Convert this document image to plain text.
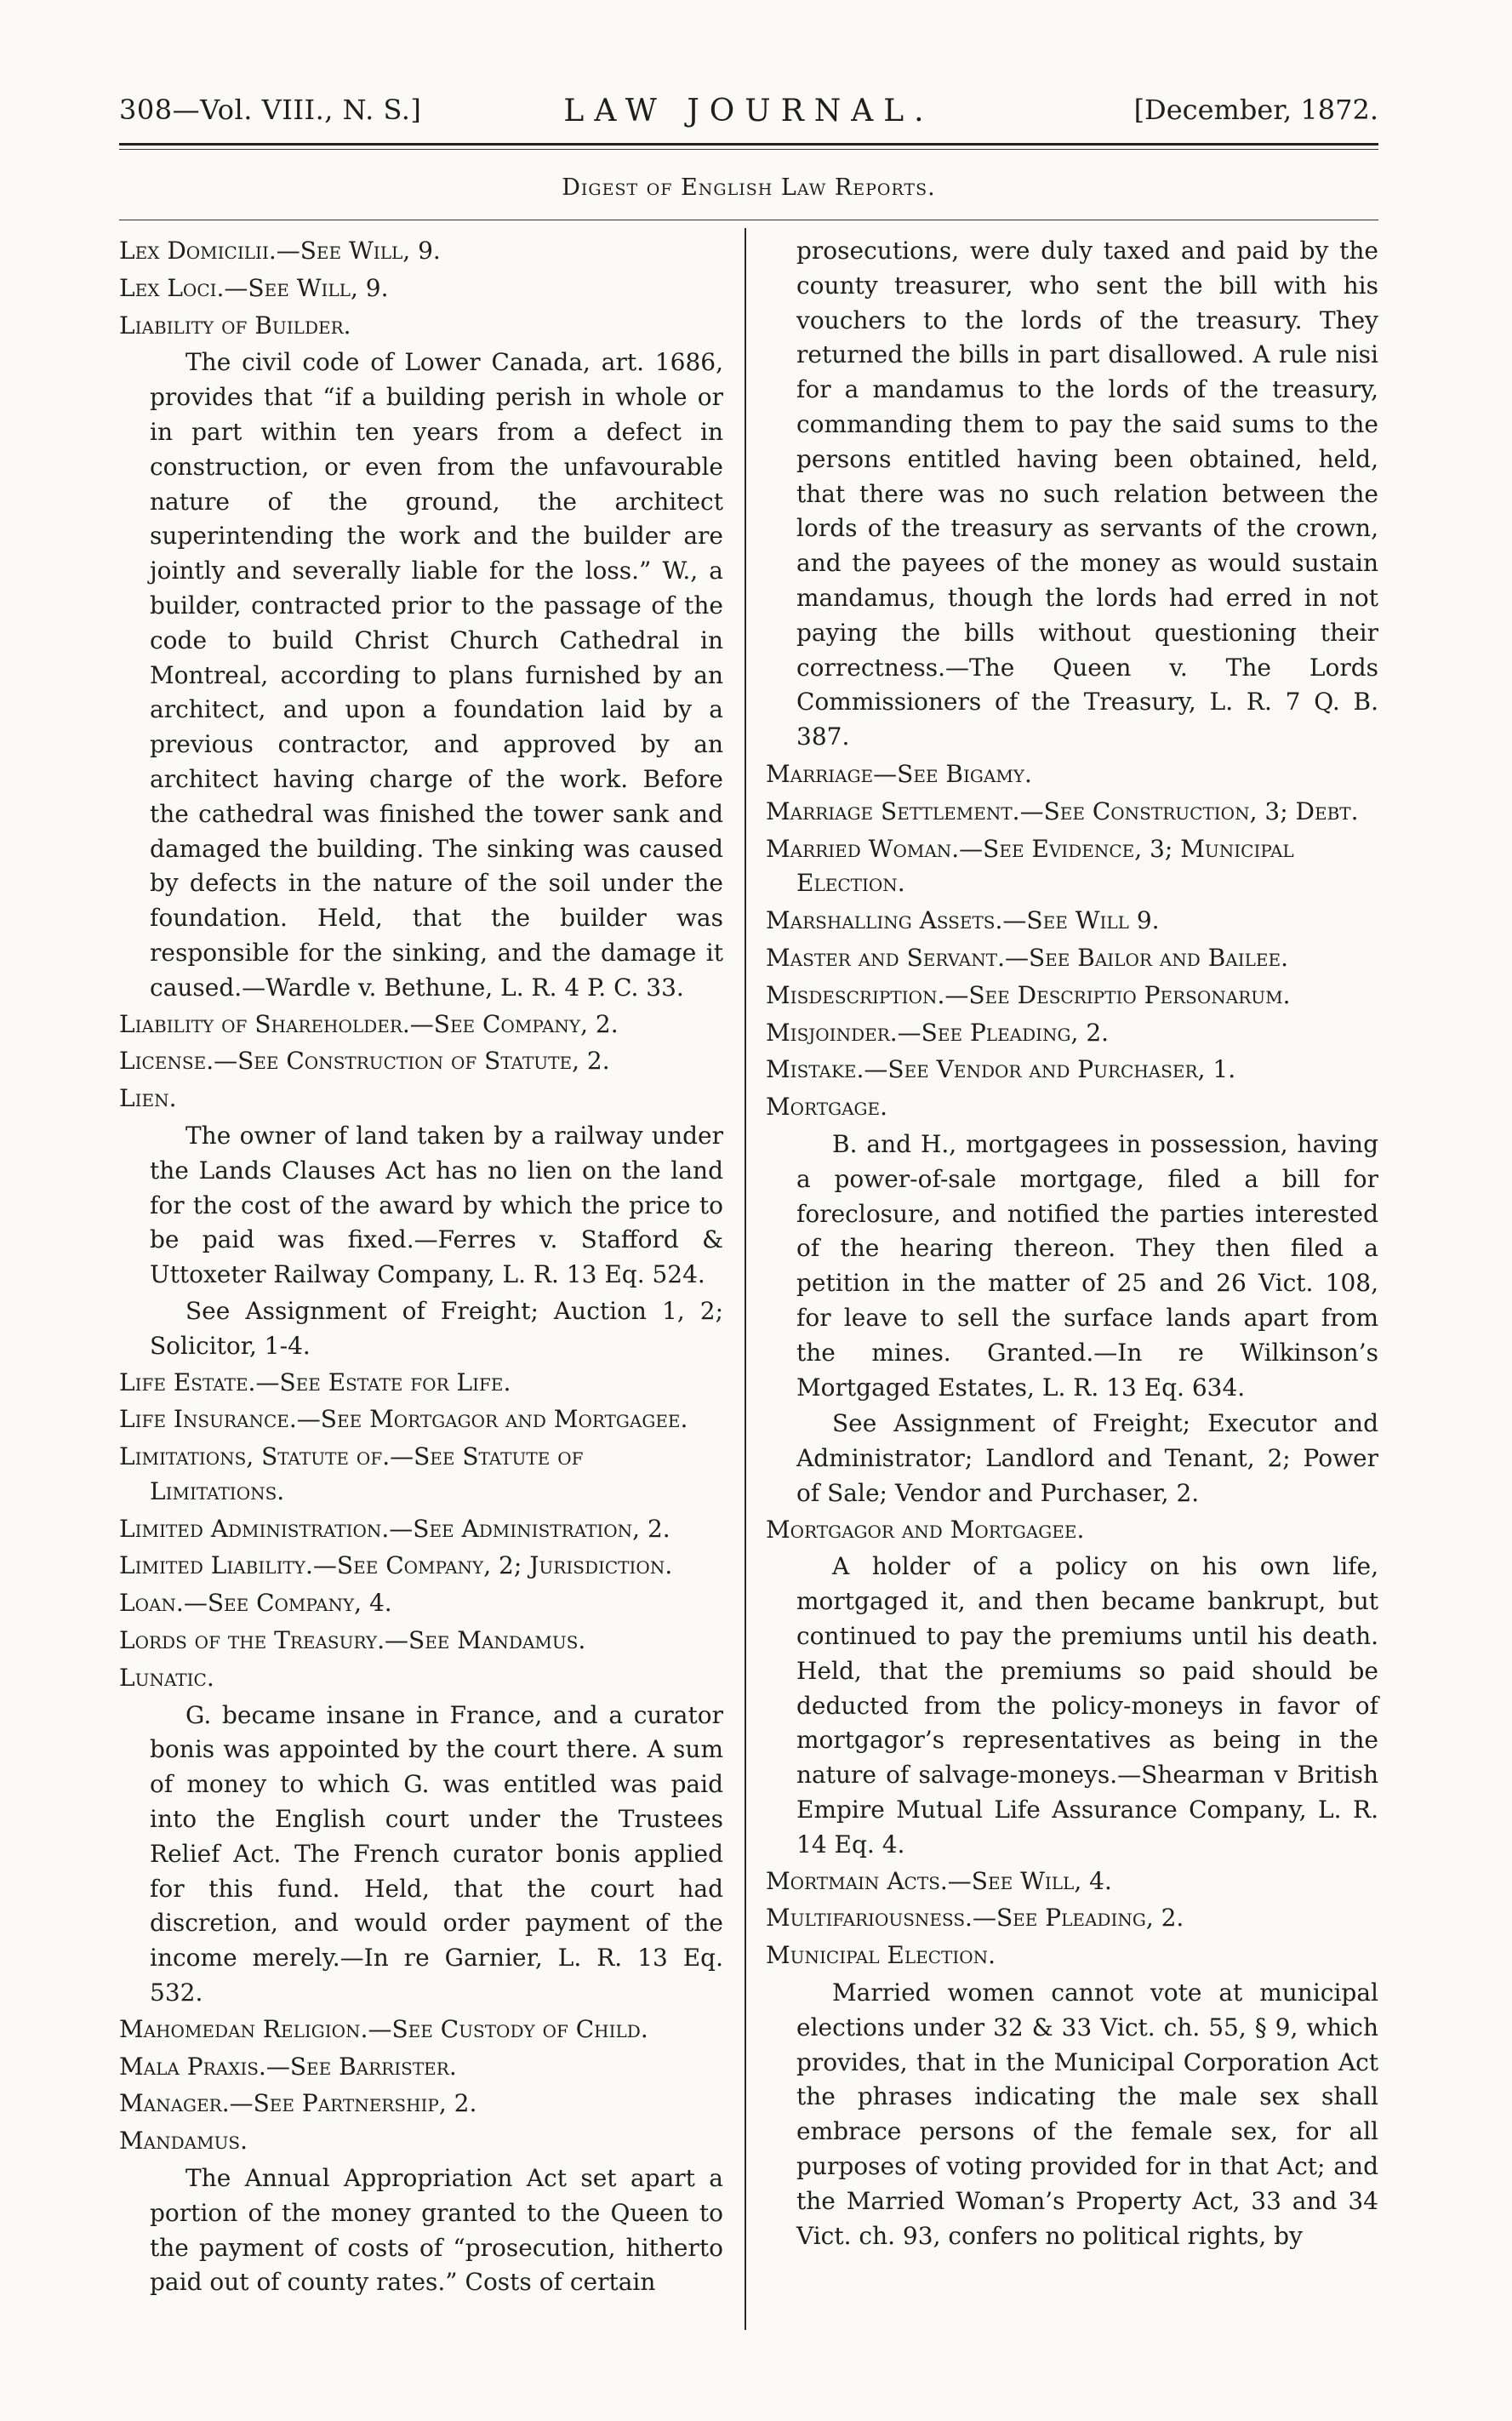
308—Vol. VIII., N. S.]	LAW JOURNAL.	[December, 1872.
Digest of English Law Reports.

Lex Domicilii.—See Will, 9.

Lex Loci.—See Will, 9.

Liability of Builder.

The civil code of Lower Canada, art. 1686, provides that “if a building perish in whole or in part within ten years from a defect in construction, or even from the unfavourable nature of the ground, the architect superintending the work and the builder are jointly and severally liable for the loss.” W., a builder, contracted prior to the passage of the code to build Christ Church Cathedral in Montreal, according to plans furnished by an architect, and upon a foundation laid by a previous contractor, and approved by an architect having charge of the work. Before the cathedral was finished the tower sank and damaged the building. The sinking was caused by defects in the nature of the soil under the foundation. Held, that the builder was responsible for the sinking, and the damage it caused.—Wardle v. Bethune, L. R. 4 P. C. 33.

Liability of Shareholder.—See Company, 2.

License.—See Construction of Statute, 2.

Lien.

The owner of land taken by a railway under the Lands Clauses Act has no lien on the land for the cost of the award by which the price to be paid was fixed.—Ferres v. Stafford & Uttoxeter Railway Company, L. R. 13 Eq. 524.

See Assignment of Freight; Auction 1, 2; Solicitor, 1-4.

Life Estate.—See Estate for Life.

Life Insurance.—See Mortgagor and Mortgagee.

Limitations, Statute of.—See Statute of Limitations.

Limited Administration.—See Administration, 2.

Limited Liability.—See Company, 2; Jurisdiction.

Loan.—See Company, 4.

Lords of the Treasury.—See Mandamus.

Lunatic.

G. became insane in France, and a curator bonis was appointed by the court there. A sum of money to which G. was entitled was paid into the English court under the Trustees Relief Act. The French curator bonis applied for this fund. Held, that the court had discretion, and would order payment of the income merely.—In re Garnier, L. R. 13 Eq. 532.

Mahomedan Religion.—See Custody of Child.

Mala Praxis.—See Barrister.

Manager.—See Partnership, 2.

Mandamus.

The Annual Appropriation Act set apart a portion of the money granted to the Queen to the payment of costs of “prosecution, hitherto paid out of county rates.” Costs of certain

prosecutions, were duly taxed and paid by the county treasurer, who sent the bill with his vouchers to the lords of the treasury. They returned the bills in part disallowed. A rule nisi for a mandamus to the lords of the treasury, commanding them to pay the said sums to the persons entitled having been obtained, held, that there was no such relation between the lords of the treasury as servants of the crown, and the payees of the money as would sustain mandamus, though the lords had erred in not paying the bills without questioning their correctness.—The Queen v. The Lords Commissioners of the Treasury, L. R. 7 Q. B. 387.

Marriage—See Bigamy.

Marriage Settlement.—See Construction, 3; Debt.

Married Woman.—See Evidence, 3; Municipal Election.

Marshalling Assets.—See Will 9.

Master and Servant.—See Bailor and Bailee.

Misdescription.—See Descriptio Personarum.

Misjoinder.—See Pleading, 2.

Mistake.—See Vendor and Purchaser, 1.

Mortgage.

B. and H., mortgagees in possession, having a power-of-sale mortgage, filed a bill for foreclosure, and notified the parties interested of the hearing thereon. They then filed a petition in the matter of 25 and 26 Vict. 108, for leave to sell the surface lands apart from the mines. Granted.—In re Wilkinson’s Mortgaged Estates, L. R. 13 Eq. 634.

See Assignment of Freight; Executor and Administrator; Landlord and Tenant, 2; Power of Sale; Vendor and Purchaser, 2.

Mortgagor and Mortgagee.

A holder of a policy on his own life, mortgaged it, and then became bankrupt, but continued to pay the premiums until his death. Held, that the premiums so paid should be deducted from the policy-moneys in favor of mortgagor’s representatives as being in the nature of salvage-moneys.—Shearman v British Empire Mutual Life Assurance Company, L. R. 14 Eq. 4.

Mortmain Acts.—See Will, 4.

Multifariousness.—See Pleading, 2.

Municipal Election.

Married women cannot vote at municipal elections under 32 & 33 Vict. ch. 55, § 9, which provides, that in the Municipal Corporation Act the phrases indicating the male sex shall embrace persons of the female sex, for all purposes of voting provided for in that Act; and the Married Woman’s Property Act, 33 and 34 Vict. ch. 93, confers no political rights, by
